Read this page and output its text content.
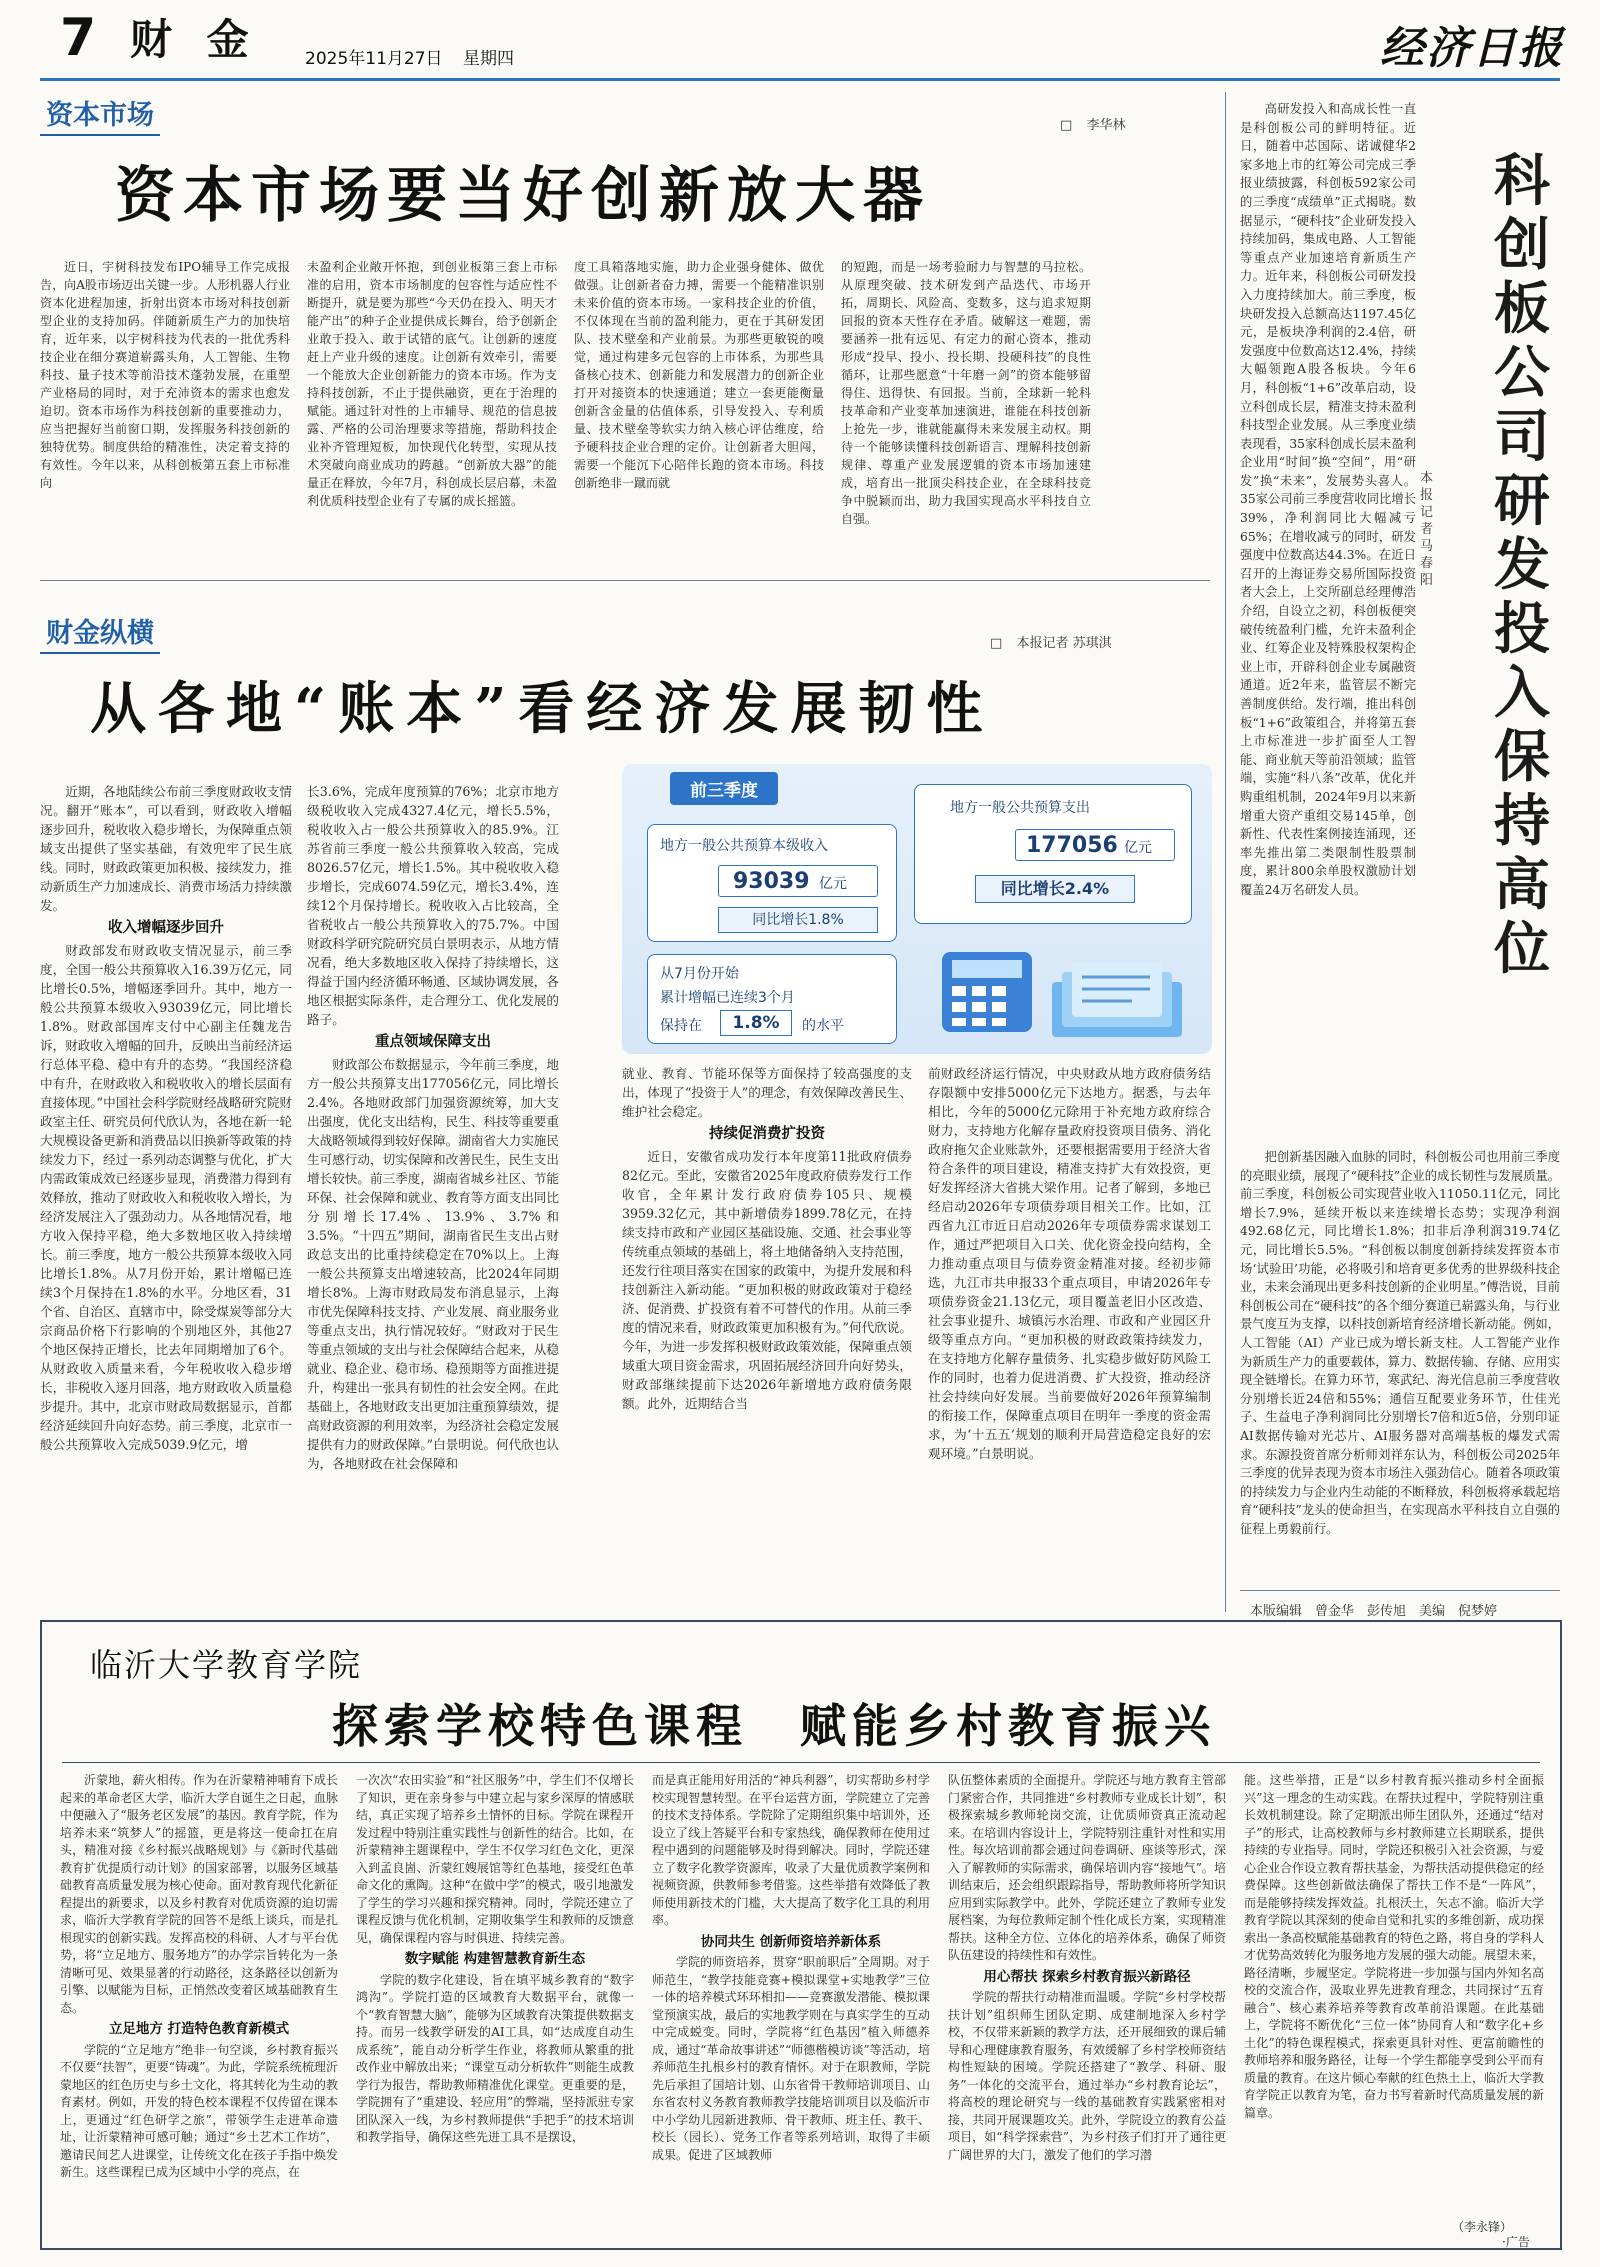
7 财 金	2025年11月27日 星期四	经济日报
资本市场	□ 李华林
资本市场要当好创新放大器

近日，宇树科技发布IPO辅导工作完成报告，向A股市场迈出关键一步。人形机器人行业资本化进程加速，折射出资本市场对科技创新型企业的支持加码。伴随新质生产力的加快培育，近年来，以宇树科技为代表的一批优秀科技企业在细分赛道崭露头角，人工智能、生物科技、量子技术等前沿技术蓬勃发展，在重塑产业格局的同时，对于充沛资本的需求也愈发迫切。资本市场作为科技创新的重要推动力，应当把握好当前窗口期，发挥服务科技创新的独特优势。制度供给的精准性，决定着支持的有效性。今年以来，从科创板第五套上市标准向

未盈利企业敞开怀抱，到创业板第三套上市标准的启用，资本市场制度的包容性与适应性不断提升，就是要为那些“今天仍在投入、明天才能产出”的种子企业提供成长舞台，给予创新企业敢于投入、敢于试错的底气。让创新的速度赶上产业升级的速度。让创新有效牵引，需要一个能放大企业创新能力的资本市场。作为支持科技创新，不止于提供融资，更在于治理的赋能。通过针对性的上市辅导、规范的信息披露、严格的公司治理要求等措施，帮助科技企业补齐管理短板，加快现代化转型，实现从技术突破向商业成功的跨越。“创新放大器”的能量正在释放，今年7月，科创成长层启幕，未盈利优质科技型企业有了专属的成长摇篮。

度工具箱落地实施，助力企业强身健体、做优做强。让创新者奋力搏，需要一个能精准识别未来价值的资本市场。一家科技企业的价值，不仅体现在当前的盈利能力，更在于其研发团队、技术壁垒和产业前景。为那些更敏锐的嗅觉，通过构建多元包容的上市体系，为那些具备核心技术、创新能力和发展潜力的创新企业打开对接资本的快速通道；建立一套更能衡量创新含金量的估值体系，引导发投入、专利质量、技术壁垒等软实力纳入核心评估维度，给予硬科技企业合理的定价。让创新者大胆闯，需要一个能沉下心陪伴长跑的资本市场。科技创新绝非一蹴而就

的短跑，而是一场考验耐力与智慧的马拉松。从原理突破、技术研发到产品迭代、市场开拓，周期长、风险高、变数多，这与追求短期回报的资本天性存在矛盾。破解这一难题，需要涵养一批有远见、有定力的耐心资本，推动形成“投早、投小、投长期、投硬科技”的良性循环，让那些愿意“十年磨一剑”的资本能够留得住、迅得快、有回报。当前，全球新一轮科技革命和产业变革加速演进，谁能在科技创新上抢先一步，谁就能赢得未来发展主动权。期待一个能够读懂科技创新语言、理解科技创新规律、尊重产业发展逻辑的资本市场加速建成，培育出一批顶尖科技企业，在全球科技竞争中脱颖而出，助力我国实现高水平科技自立自强。

科创板公司研发投入保持高位
本报记者 马春阳

高研发投入和高成长性一直是科创板公司的鲜明特征。近日，随着中芯国际、诺诚健华2家多地上市的红筹公司完成三季报业绩披露，科创板592家公司的三季度“成绩单”正式揭晓。数据显示，“硬科技”企业研发投入持续加码，集成电路、人工智能等重点产业加速培育新质生产力。近年来，科创板公司研发投入力度持续加大。前三季度，板块研发投入总额高达1197.45亿元，是板块净利润的2.4倍，研发强度中位数高达12.4%，持续大幅领跑A股各板块。今年6月，科创板“1+6”改革启动，设立科创成长层，精准支持未盈利科技型企业发展。从三季度业绩表现看，35家科创成长层未盈利企业用“时间”换“空间”，用“研发”换“未来”，发展势头喜人。35家公司前三季度营收同比增长39%，净利润同比大幅减亏65%；在增收减亏的同时，研发强度中位数高达44.3%。在近日召开的上海证券交易所国际投资者大会上，上交所副总经理傅浩介绍，自设立之初，科创板便突破传统盈利门槛，允许未盈利企业、红筹企业及特殊股权架构企业上市，开辟科创企业专属融资通道。近2年来，监管层不断完善制度供给。发行端，推出科创板“1+6”政策组合，并将第五套上市标准进一步扩面至人工智能、商业航天等前沿领域；监管端，实施“科八条”改革，优化并购重组机制，2024年9月以来新增重大资产重组交易145单，创新性、代表性案例接连涌现，还率先推出第二类限制性股票制度，累计800余单股权激励计划覆盖24万名研发人员。

把创新基因融入血脉的同时，科创板公司也用前三季度的亮眼业绩，展现了“硬科技”企业的成长韧性与发展质量。前三季度，科创板公司实现营业收入11050.11亿元，同比增长7.9%，延续开板以来连续增长态势；实现净利润492.68亿元，同比增长1.8%；扣非后净利润319.74亿元，同比增长5.5%。“科创板以制度创新持续发挥资本市场‘试验田’功能，必将吸引和培育更多优秀的世界级科技企业，未来会涌现出更多科技创新的企业明星。”傅浩说，目前科创板公司在“硬科技”的各个细分赛道已崭露头角，与行业景气度互为支撑，以科技创新培育经济增长新动能。例如，人工智能（AI）产业已成为增长新支柱。人工智能产业作为新质生产力的重要载体，算力、数据传输、存储、应用实现全链增长。在算力环节，寒武纪、海光信息前三季度营收分别增长近24倍和55%；通信互配要业务环节，仕佳光子、生益电子净利润同比分别增长7倍和近5倍，分别印证AI数据传输对光芯片、AI服务器对高端基板的爆发式需求。东源投资首席分析师刘祥东认为，科创板公司2025年三季度的优异表现为资本市场注入强劲信心。随着各项政策的持续发力与企业内生动能的不断释放，科创板将承载起培育“硬科技”龙头的使命担当，在实现高水平科技自立自强的征程上勇毅前行。

本版编辑　曾金华　彭传旭　美编　倪梦婷
财金纵横	□ 本报记者 苏琪淇
从各地“账本”看经济发展韧性

近期，各地陆续公布前三季度财政收支情况。翻开“账本”，可以看到，财政收入增幅逐步回升，税收收入稳步增长，为保障重点领域支出提供了坚实基础，有效兜牢了民生底线。同时，财政政策更加积极、接续发力，推动新质生产力加速成长、消费市场活力持续激发。

收入增幅逐步回升

财政部发布财政收支情况显示，前三季度，全国一般公共预算收入16.39万亿元，同比增长0.5%，增幅逐季回升。其中，地方一般公共预算本级收入93039亿元，同比增长1.8%。财政部国库支付中心副主任魏龙告诉，财政收入增幅的回升，反映出当前经济运行总体平稳、稳中有升的态势。“我国经济稳中有升，在财政收入和税收收入的增长层面有直接体现。”中国社会科学院财经战略研究院财政室主任、研究员何代欣认为，各地在新一轮大规模设备更新和消费品以旧换新等政策的持续发力下，经过一系列动态调整与优化，扩大内需政策成效已经逐步显现，消费潜力得到有效释放，推动了财政收入和税收收入增长，为经济发展注入了强劲动力。从各地情况看，地方收入保持平稳，绝大多数地区收入持续增长。前三季度，地方一般公共预算本级收入同比增长1.8%。从7月份开始，累计增幅已连续3个月保持在1.8%的水平。分地区看，31个省、自治区、直辖市中，除受煤炭等部分大宗商品价格下行影响的个别地区外，其他27个地区保持正增长，比去年同期增加了6个。从财政收入质量来看，今年税收收入稳步增长，非税收入逐月回落，地方财政收入质量稳步提升。其中，北京市财政局数据显示，首都经济延续回升向好态势。前三季度，北京市一般公共预算收入完成5039.9亿元，增

长3.6%，完成年度预算的76%；北京市地方级税收收入完成4327.4亿元，增长5.5%，税收收入占一般公共预算收入的85.9%。江苏省前三季度一般公共预算收入较高，完成8026.57亿元，增长1.5%。其中税收收入稳步增长，完成6074.59亿元，增长3.4%，连续12个月保持增长。税收收入占比较高，全省税收占一般公共预算收入的75.7%。中国财政科学研究院研究员白景明表示，从地方情况看，绝大多数地区收入保持了持续增长，这得益于国内经济循环畅通、区域协调发展，各地区根据实际条件，走合理分工、优化发展的路子。

重点领域保障支出

财政部公布数据显示，今年前三季度，地方一般公共预算支出177056亿元，同比增长2.4%。各地财政部门加强资源统筹，加大支出强度，优化支出结构，民生、科技等重要重大战略领域得到较好保障。湖南省大力实施民生可感行动，切实保障和改善民生，民生支出增长较快。前三季度，湖南省城乡社区、节能环保、社会保障和就业、教育等方面支出同比分别增长17.4%、13.9%、3.7%和3.5%。“十四五”期间，湖南省民生支出占财政总支出的比重持续稳定在70%以上。上海一般公共预算支出增速较高，比2024年同期增长8%。上海市财政局发布消息显示，上海市优先保障科技支持、产业发展、商业服务业等重点支出，执行情况较好。“财政对于民生等重点领域的支出与社会保障结合起来，从稳就业、稳企业、稳市场、稳预期等方面推进提升，构建出一张具有韧性的社会安全网。在此基础上，各地财政支出更加注重预算绩效，提高财政资源的利用效率，为经济社会稳定发展提供有力的财政保障。”白景明说。何代欣也认为，各地财政在社会保障和

前三季度
地方一般公共预算本级收入
93039 亿元
同比增长1.8%
从7月份开始
累计增幅已连续3个月
保持在	1.8%	的水平
地方一般公共预算支出
177056 亿元
同比增长2.4%

就业、教育、节能环保等方面保持了较高强度的支出，体现了“投资于人”的理念，有效保障改善民生、维护社会稳定。

持续促消费扩投资

近日，安徽省成功发行本年度第11批政府债券82亿元。至此，安徽省2025年度政府债券发行工作收官，全年累计发行政府债券105只、规模3959.32亿元，其中新增债券1899.78亿元，在持续支持市政和产业园区基础设施、交通、社会事业等传统重点领域的基础上，将土地储备纳入支持范围，还发行往项目落实在国家的政策中，为提升发展和科技创新注入新动能。“更加积极的财政政策对于稳经济、促消费、扩投资有着不可替代的作用。从前三季度的情况来看，财政政策更加积极有为。”何代欣说。今年，为进一步发挥积极财政政策效能，保障重点领域重大项目资金需求，巩固拓展经济回升向好势头，财政部继续提前下达2026年新增地方政府债务限额。此外，近期结合当

前财政经济运行情况，中央财政从地方政府债务结存限额中安排5000亿元下达地方。据悉，与去年相比，今年的5000亿元除用于补充地方政府综合财力，支持地方化解存量政府投资项目债务、消化政府拖欠企业账款外，还要根据需要用于经济大省符合条件的项目建设，精准支持扩大有效投资，更好发挥经济大省挑大梁作用。记者了解到，多地已经启动2026年专项债券项目相关工作。比如，江西省九江市近日启动2026年专项债券需求谋划工作，通过严把项目入口关、优化资金投向结构，全力推动重点项目与债券资金精准对接。经初步筛选，九江市共申报33个重点项目，申请2026年专项债券资金21.13亿元，项目覆盖老旧小区改造、社会事业提升、城镇污水治理、市政和产业园区升级等重点方向。“更加积极的财政政策持续发力，在支持地方化解存量债务、扎实稳步做好防风险工作的同时，也着力促进消费、扩大投资，推动经济社会持续向好发展。当前要做好2026年预算编制的衔接工作，保障重点项目在明年一季度的资金需求，为‘十五五’规划的顺利开局营造稳定良好的宏观环境。”白景明说。

临沂大学教育学院
探索学校特色课程　赋能乡村教育振兴

沂蒙地，薪火相传。作为在沂蒙精神哺育下成长起来的革命老区大学，临沂大学自诞生之日起，血脉中便融入了“服务老区发展”的基因。教育学院，作为培养未来“筑梦人”的摇篮，更是将这一使命扛在肩头，精准对接《乡村振兴战略规划》与《新时代基础教育扩优提质行动计划》的国家部署，以服务区域基础教育高质量发展为核心使命。面对教育现代化新征程提出的新要求，以及乡村教育对优质资源的迫切需求，临沂大学教育学院的回答不是纸上谈兵，而是扎根现实的创新实践。发挥高校的科研、人才与平台优势，将“立足地方、服务地方”的办学宗旨转化为一条清晰可见、效果显著的行动路径，这条路径以创新为引擎、以赋能为目标，正悄然改变着区域基础教育生态。

立足地方 打造特色教育新模式

学院的“立足地方”绝非一句空谈，乡村教育振兴不仅要“扶智”，更要“铸魂”。为此，学院系统梳理沂蒙地区的红色历史与乡土文化，将其转化为生动的教育素材。例如，开发的特色校本课程不仅传留在课本上，更通过“红色研学之旅”，带领学生走进革命遗址，让沂蒙精神可感可触；通过“乡土艺术工作坊”，邀请民间艺人进课堂，让传统文化在孩子手指中焕发新生。这些课程已成为区域中小学的亮点，在

一次次“农田实验”和“社区服务”中，学生们不仅增长了知识，更在亲身参与中建立起与家乡深厚的情感联结，真正实现了培养乡土情怀的目标。学院在课程开发过程中特别注重实践性与创新性的结合。比如，在沂蒙精神主题课程中，学生不仅学习红色文化，更深入到孟良崮、沂蒙红嫂展馆等红色基地，接受红色革命文化的熏陶。这种“在做中学”的模式，吸引地激发了学生的学习兴趣和探究精神。同时，学院还建立了课程反馈与优化机制，定期收集学生和教师的反馈意见，确保课程内容与时俱进、持续完善。

数字赋能 构建智慧教育新生态

学院的数字化建设，旨在填平城乡教育的“数字鸿沟”。学院打造的区域教育大数据平台，就像一个“教育智慧大脑”，能够为区域教育决策提供数据支持。而另一线教学研发的AI工具，如“达成度自动生成系统”，能自动分析学生作业，将教师从繁重的批改作业中解放出来；“课堂互动分析软件”则能生成教学行为报告，帮助教师精准优化课堂。更重要的是，学院拥有了“重建设、轻应用”的弊端，坚持派驻专家团队深入一线，为乡村教师提供“手把手”的技术培训和教学指导，确保这些先进工具不是摆设，

而是真正能用好用活的“神兵利器”，切实帮助乡村学校实现智慧转型。在平台运营方面，学院建立了完善的技术支持体系。学院除了定期组织集中培训外，还设立了线上答疑平台和专家热线，确保教师在使用过程中遇到的问题能够及时得到解决。同时，学院还建立了数字化教学资源库，收录了大量优质教学案例和视频资源，供教师参考借鉴。这些举措有效降低了教师使用新技术的门槛，大大提高了数字化工具的利用率。

协同共生 创新师资培养新体系

学院的师资培养，贯穿“职前职后”全周期。对于师范生，“教学技能竞赛+模拟课堂+实地教学”三位一体的培养模式环环相扣——竞赛激发潜能、模拟课堂预演实战，最后的实地教学则在与真实学生的互动中完成蜕变。同时，学院将“红色基因”植入师德养成，通过“革命故事讲述”“师德楷模访谈”等活动，培养师范生扎根乡村的教育情怀。对于在职教师，学院先后承担了国培计划、山东省骨干教师培训项目、山东省农村义务教育教师教学技能培训项目以及临沂市中小学幼儿园新进教师、骨干教师、班主任、教干、校长（园长）、党务工作者等系列培训，取得了丰硕成果。促进了区域教师

队伍整体素质的全面提升。学院还与地方教育主管部门紧密合作，共同推进“乡村教师专业成长计划”，积极探索城乡教师轮岗交流，让优质师资真正流动起来。在培训内容设计上，学院特别注重针对性和实用性。每次培训前都会通过问卷调研、座谈等形式，深入了解教师的实际需求，确保培训内容“接地气”。培训结束后，还会组织跟踪指导，帮助教师将所学知识应用到实际教学中。此外，学院还建立了教师专业发展档案，为每位教师定制个性化成长方案，实现精准帮扶。这种全方位、立体化的培养体系，确保了师资队伍建设的持续性和有效性。

用心帮扶 探索乡村教育振兴新路径

学院的帮扶行动精准而温暖。学院“乡村学校帮扶计划”组织师生团队定期、成建制地深入乡村学校，不仅带来新颖的教学方法，还开展细致的课后辅导和心理健康教育服务，有效缓解了乡村学校师资结构性短缺的困境。学院还搭建了“教学、科研、服务”一体化的交流平台，通过举办“乡村教育论坛”，将高校的理论研究与一线的基础教育实践紧密相对接，共同开展课题攻关。此外，学院设立的教育公益项目，如“科学探索营”，为乡村孩子们打开了通往更广阔世界的大门，激发了他们的学习潜

能。这些举措，正是“以乡村教育振兴推动乡村全面振兴”这一理念的生动实践。在帮扶过程中，学院特别注重长效机制建设。除了定期派出师生团队外，还通过“结对子”的形式，让高校教师与乡村教师建立长期联系，提供持续的专业指导。同时，学院还积极引入社会资源，与爱心企业合作设立教育帮扶基金，为帮扶活动提供稳定的经费保障。这些创新做法确保了帮扶工作不是“一阵风”，而是能够持续发挥效益。扎根沃土，矢志不渝。临沂大学教育学院以其深刻的使命自觉和扎实的多维创新，成功探索出一条高校赋能基础教育的特色之路，将自身的学科人才优势高效转化为服务地方发展的强大动能。展望未来，路径清晰，步履坚定。学院将进一步加强与国内外知名高校的交流合作，汲取业界先进教育理念，共同探讨“五育融合”、核心素养培养等教育改革前沿课题。在此基础上，学院将不断优化“三位一体”协同育人和“数字化+乡土化”的特色课程模式，探索更具针对性、更富前瞻性的教师培养和服务路径，让每一个学生都能享受到公平而有质量的教育。在这片倾心奉献的红色热土上，临沂大学教育学院正以教育为笔，奋力书写着新时代高质量发展的新篇章。

（李永锋）
·广告
